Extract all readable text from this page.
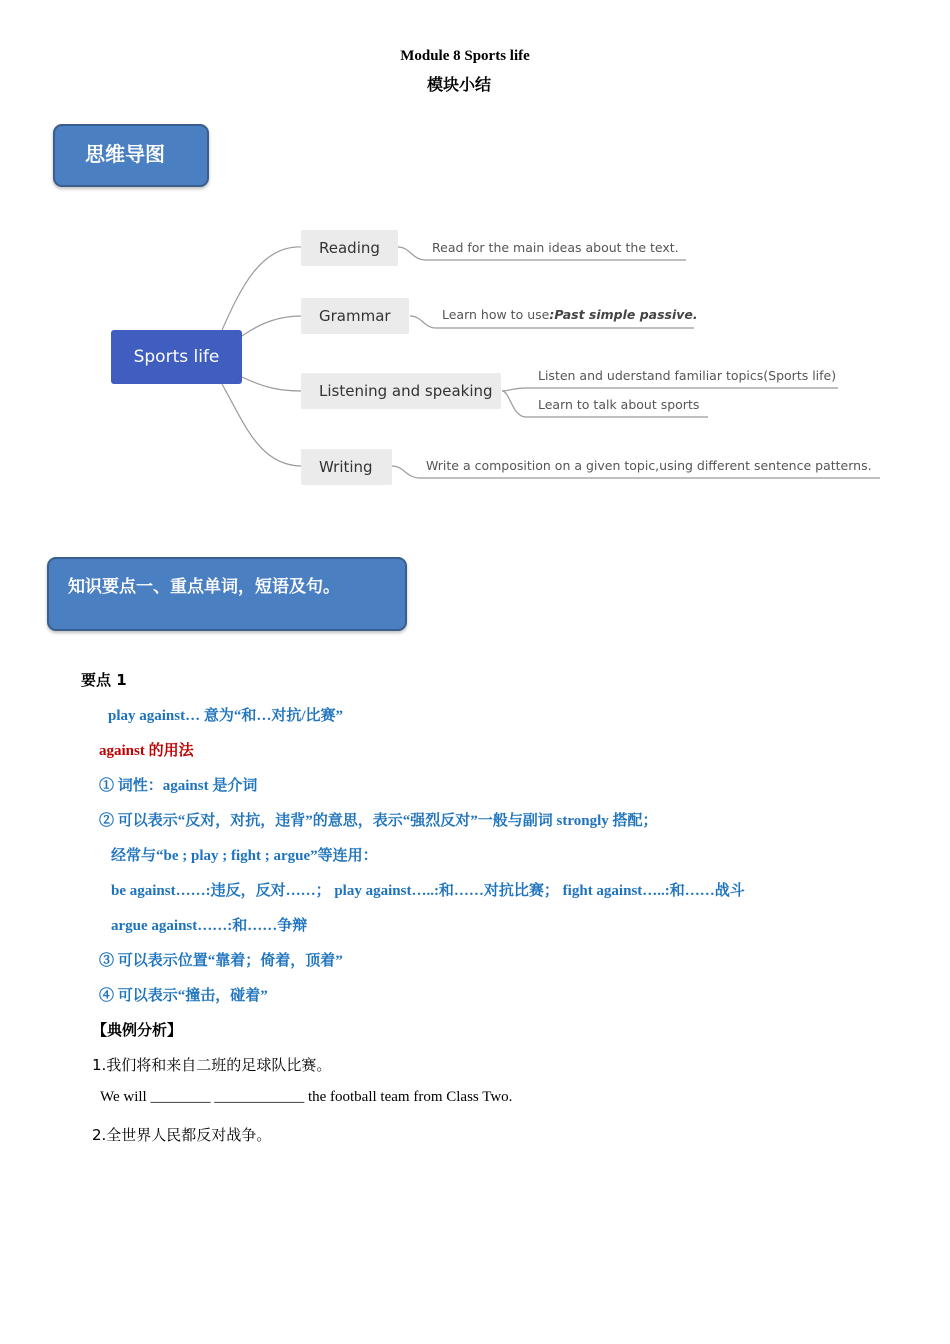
Module 8 Sports life
模块小结
思维导图
Sports life
Reading
Grammar
Listening and speaking
Writing
Read for the main ideas about the text.
Learn how to use:Past simple passive.
Listen and uderstand familiar topics(Sports life)
Learn to talk about sports
Write a composition on a given topic,using different sentence patterns.
知识要点一、重点单词，短语及句。
要点 1
play against… 意为“和…对抗/比赛”
against 的用法
① 词性：against 是介词
② 可以表示“反对，对抗，违背”的意思，表示“强烈反对”一般与副词 strongly 搭配；
经常与“be ; play ; fight ; argue”等连用：
be against……:违反，反对……； play against…..:和……对抗比赛； fight against…..:和……战斗
argue against……:和……争辩
③ 可以表示位置“靠着；倚着，顶着”
④ 可以表示“撞击，碰着”
【典例分析】
1.我们将和来自二班的足球队比赛。
We will ________ ____________ the football team from Class Two.
2.全世界人民都反对战争。
